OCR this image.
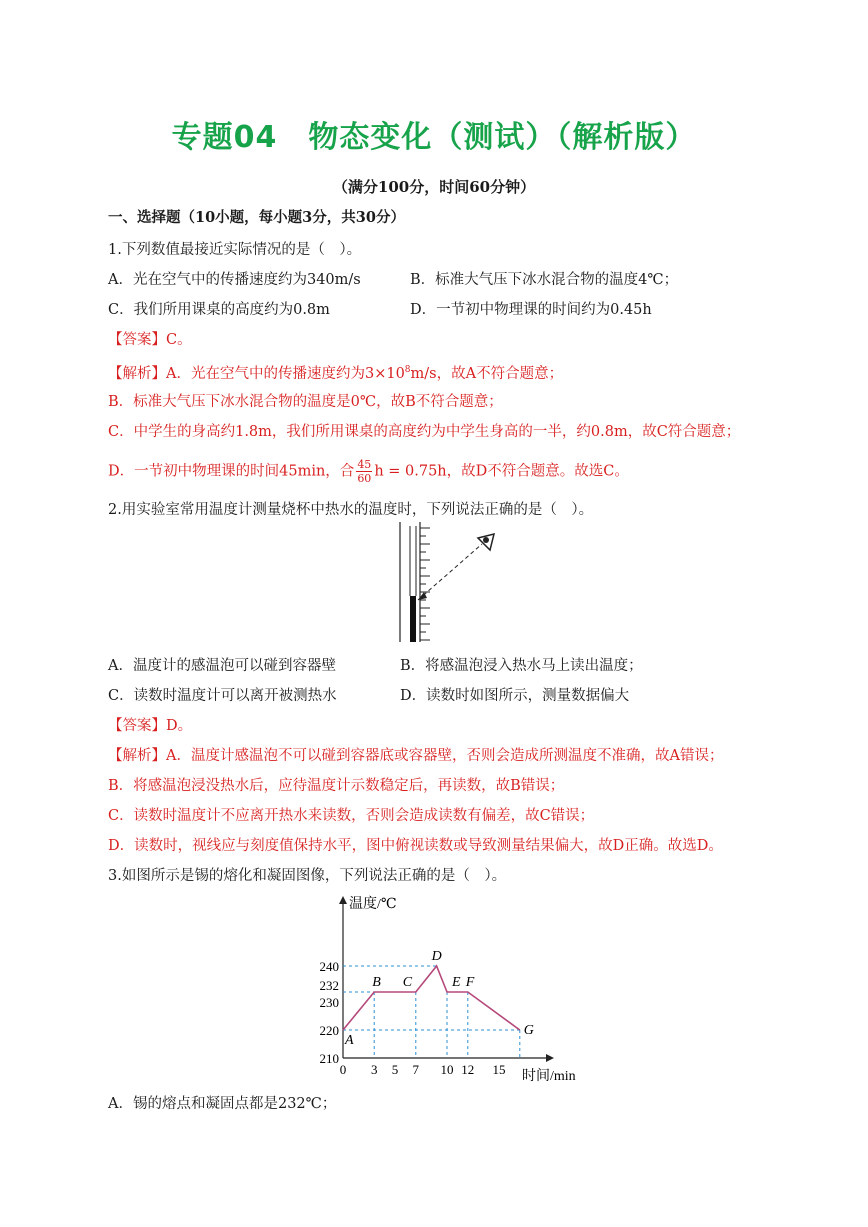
专题04　物态变化（测试）（解析版）
（满分100分，时间60分钟）
一、选择题（10小题，每小题3分，共30分）
1.下列数值最接近实际情况的是（　）。
A．光在空气中的传播速度约为340m/s	B．标准大气压下冰水混合物的温度4℃；
C．我们所用课桌的高度约为0.8m	D．一节初中物理课的时间约为0.45h
【答案】C。
【解析】A．光在空气中的传播速度约为$3\times 10^8m/s$，故A不符合题意；
B．标准大气压下冰水混合物的温度是0℃，故B不符合题意；
C．中学生的身高约1.8m，我们所用课桌的高度约为中学生身高的一半，约0.8m，故C符合题意；
D．一节初中物理课的时间45min，合 $\frac{45}{60}$ h = 0.75h，故D不符合题意。故选C。
2.用实验室常用温度计测量烧杯中热水的温度时，下列说法正确的是（　）。
A．温度计的感温泡可以碰到容器壁	B．将感温泡浸入热水马上读出温度；
C．读数时温度计可以离开被测热水	D．读数时如图所示，测量数据偏大
【答案】D。
【解析】A．温度计感温泡不可以碰到容器底或容器壁，否则会造成所测温度不准确，故A错误；
B．将感温泡浸没热水后，应待温度计示数稳定后，再读数，故B错误；
C．读数时温度计不应离开热水来读数，否则会造成读数有偏差，故C错误；
D．读数时，视线应与刻度值保持水平，图中俯视读数或导致测量结果偏大，故D正确。故选D。
3.如图所示是锡的熔化和凝固图像，下列说法正确的是（　）。
温度/℃
时间/min
0 3 5 7 10 12 15
210
220
230
232
240
A
B C
D
E F
G
A．锡的熔点和凝固点都是232℃；
